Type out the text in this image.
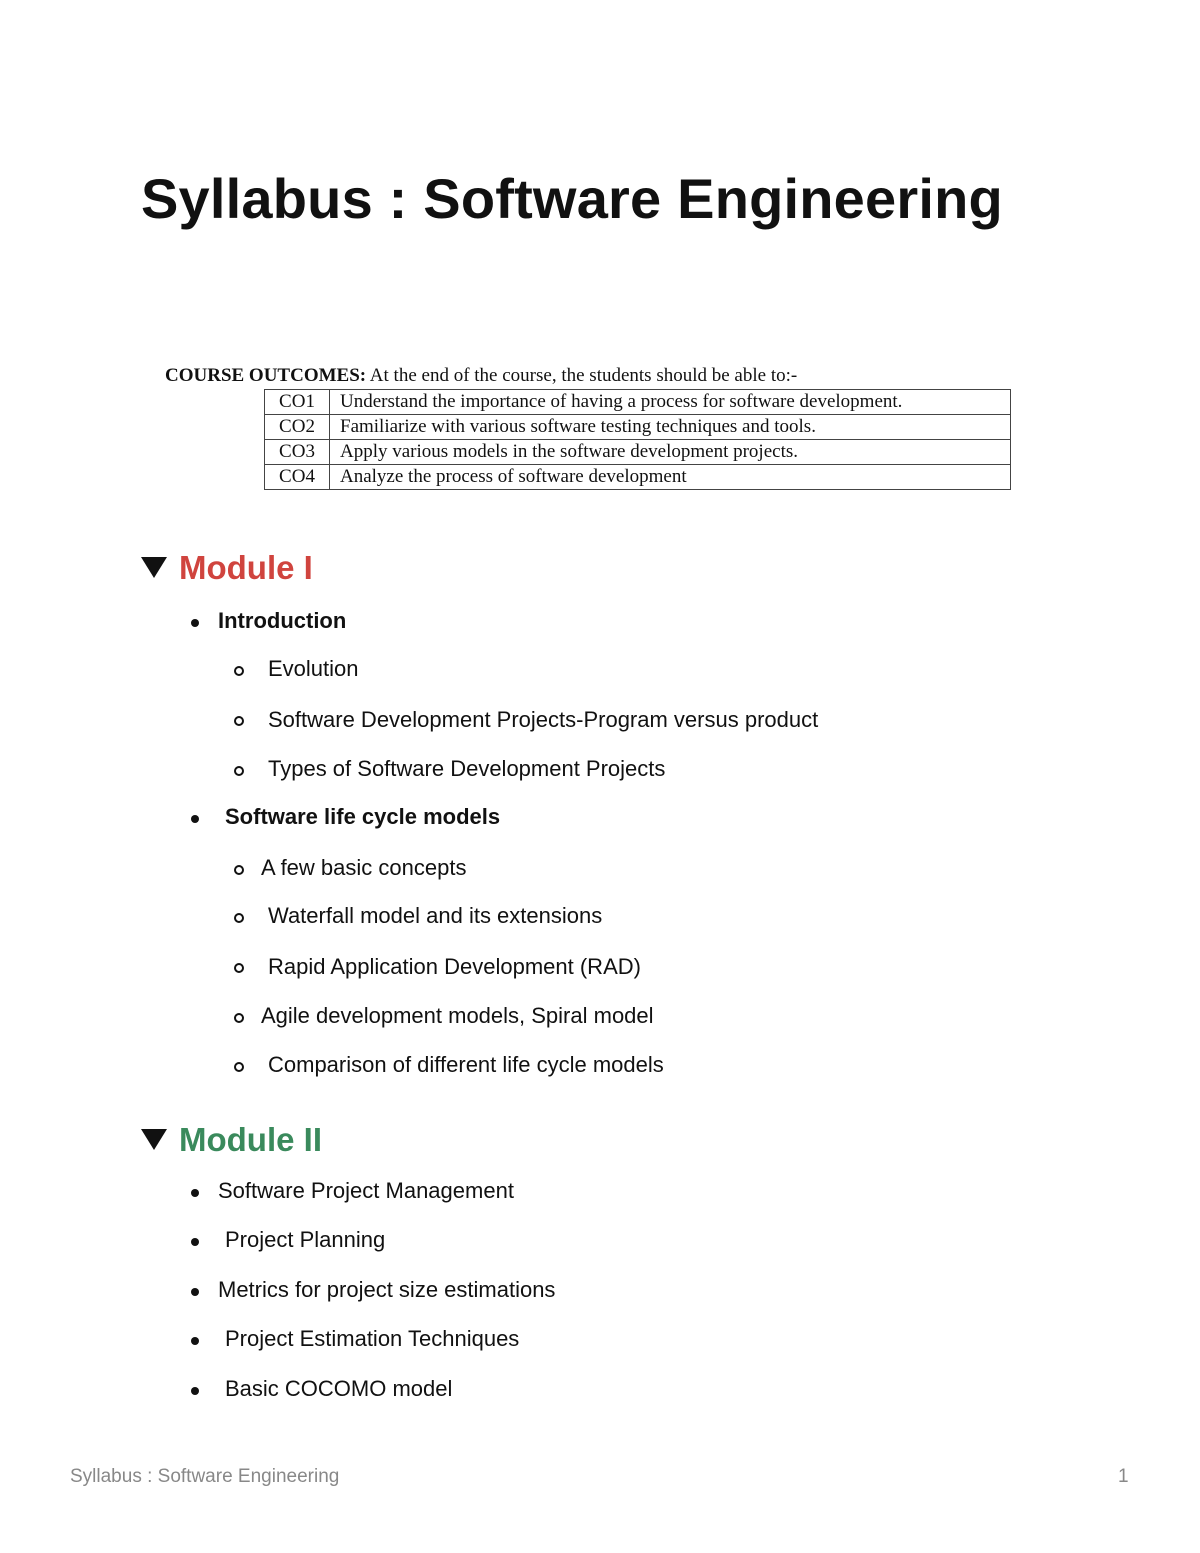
Syllabus : Software Engineering
COURSE OUTCOMES: At the end of the course, the students should be able to:-
CO1	Understand the importance of having a process for software development.
CO2	Familiarize with various software testing techniques and tools.
CO3	Apply various models in the software development projects.
CO4	Analyze the process of software development
Module I
Introduction
Evolution
Software Development Projects-Program versus product
Types of Software Development Projects
Software life cycle models
A few basic concepts
Waterfall model and its extensions
Rapid Application Development (RAD)
Agile development models, Spiral model
Comparison of different life cycle models
Module II
Software Project Management
Project Planning
Metrics for project size estimations
Project Estimation Techniques
Basic COCOMO model
Syllabus : Software Engineering	1
